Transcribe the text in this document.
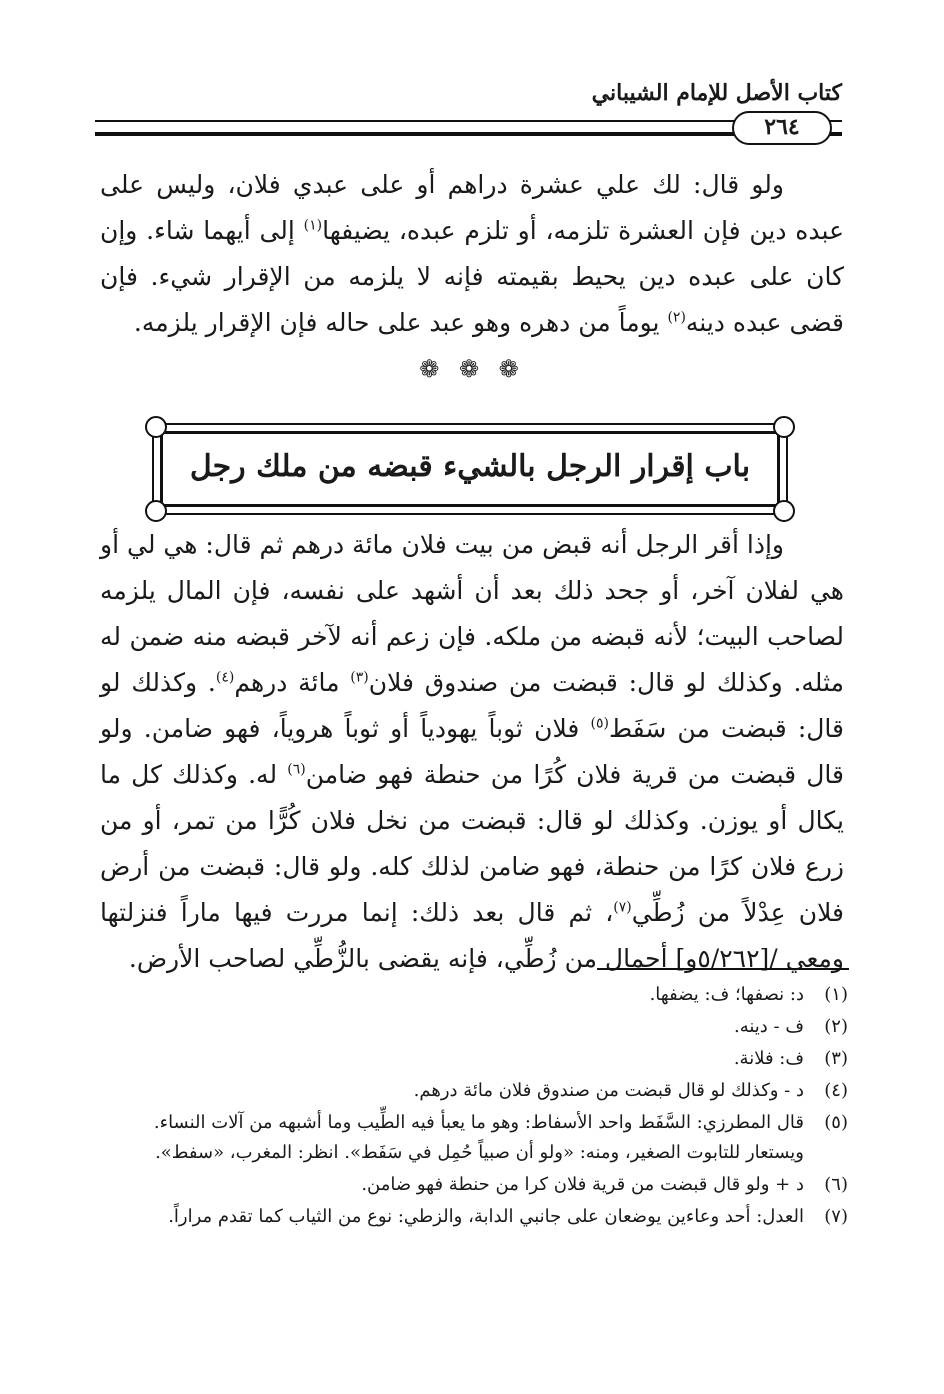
كتاب الأصل للإمام الشيباني
٢٦٤

ولو قال: لك علي عشرة دراهم أو على عبدي فلان، وليس على عبده دين فإن العشرة تلزمه، أو تلزم عبده، يضيفها$^{(١)}$ إلى أيهما شاء. وإن كان على عبده دين يحيط بقيمته فإنه لا يلزمه من الإقرار شيء. فإن قضى عبده دينه$^{(٢)}$ يوماً من دهره وهو عبد على حاله فإن الإقرار يلزمه.

❁ ❁ ❁
باب إقرار الرجل بالشيء قبضه من ملك رجل

وإذا أقر الرجل أنه قبض من بيت فلان مائة درهم ثم قال: هي لي أو هي لفلان آخر، أو جحد ذلك بعد أن أشهد على نفسه، فإن المال يلزمه لصاحب البيت؛ لأنه قبضه من ملكه. فإن زعم أنه لآخر قبضه منه ضمن له مثله. وكذلك لو قال: قبضت من صندوق فلان$^{(٣)}$ مائة درهم$^{(٤)}$. وكذلك لو قال: قبضت من سَفَط$^{(٥)}$ فلان ثوباً يهودياً أو ثوباً هروياً، فهو ضامن. ولو قال قبضت من قرية فلان كُرًا من حنطة فهو ضامن$^{(٦)}$ له. وكذلك كل ما يكال أو يوزن. وكذلك لو قال: قبضت من نخل فلان كُرًّا من تمر، أو من زرع فلان كرًا من حنطة، فهو ضامن لذلك كله. ولو قال: قبضت من أرض فلان عِدْلاً من زُطِّي$^{(٧)}$، ثم قال بعد ذلك: إنما مررت فيها ماراً فنزلتها ومعي /[٥/٢٦٢و] أحمال من زُطِّي، فإنه يقضى بالزُّطِّي لصاحب الأرض.

(١)
د: نصفها؛ ف: يضفها.
(٢)
ف - دينه.
(٣)
ف: فلانة.
(٤)
د - وكذلك لو قال قبضت من صندوق فلان مائة درهم.
(٥)
قال المطرزي: السَّفَط واحد الأسفاط: وهو ما يعبأ فيه الطِّيب وما أشبهه من آلات النساء. ويستعار للتابوت الصغير، ومنه: «ولو أن صبياً حُمِل في سَفَط». انظر: المغرب، «سفط».
(٦)
د + ولو قال قبضت من قرية فلان كرا من حنطة فهو ضامن.
(٧)
العدل: أحد وعاءين يوضعان على جانبي الدابة، والزطي: نوع من الثياب كما تقدم مراراً.
